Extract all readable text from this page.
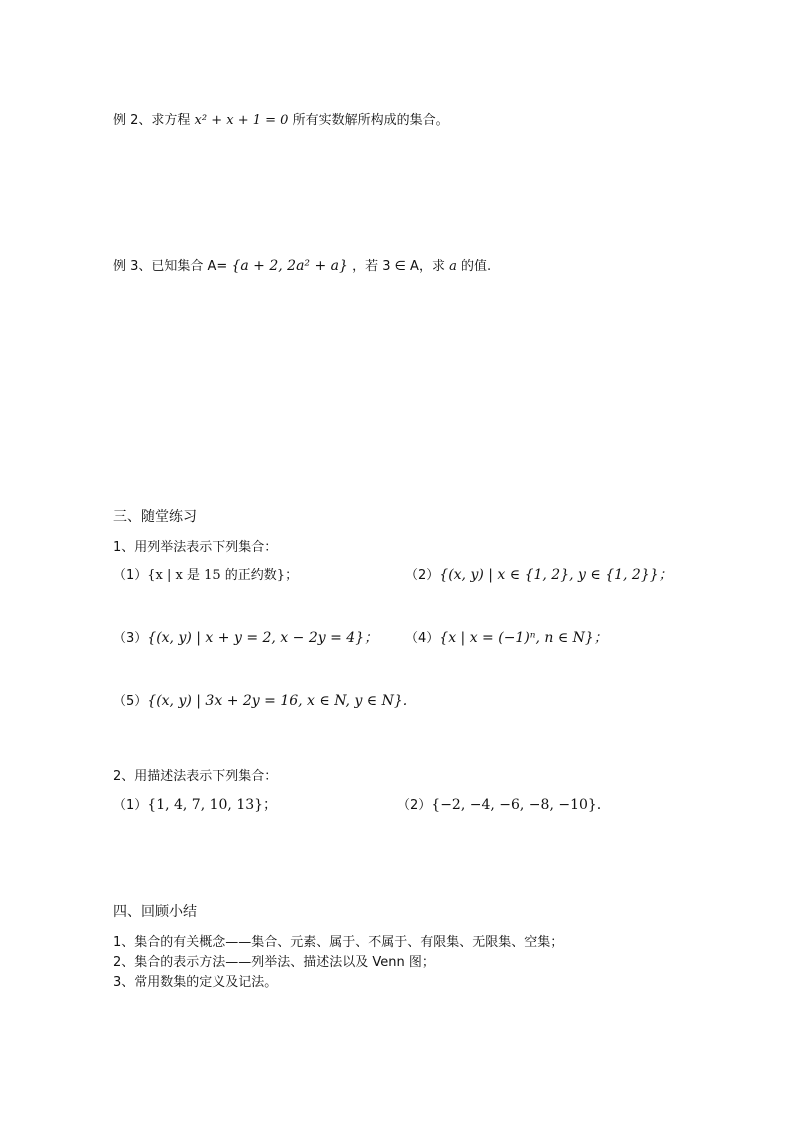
例 2、求方程 x² + x + 1 = 0 所有实数解所构成的集合。
例 3、已知集合 A= {a + 2, 2a² + a} ，若 3 ∈ A，求 a 的值.
三、随堂练习
1、用列举法表示下列集合：
（1）{x | x 是 15 的正约数}；	（2）{(x, y) | x ∈ {1, 2}, y ∈ {1, 2}}；
（3）{(x, y) | x + y = 2, x − 2y = 4}； （4）{x | x = (−1)ⁿ, n ∈ N}；
（5）{(x, y) | 3x + 2y = 16, x ∈ N, y ∈ N}.
2、用描述法表示下列集合：
（1）{1, 4, 7, 10, 13}；	（2）{−2, −4, −6, −8, −10}.
四、回顾小结
1、集合的有关概念——集合、元素、属于、不属于、有限集、无限集、空集；
2、集合的表示方法——列举法、描述法以及 Venn 图；
3、常用数集的定义及记法。
